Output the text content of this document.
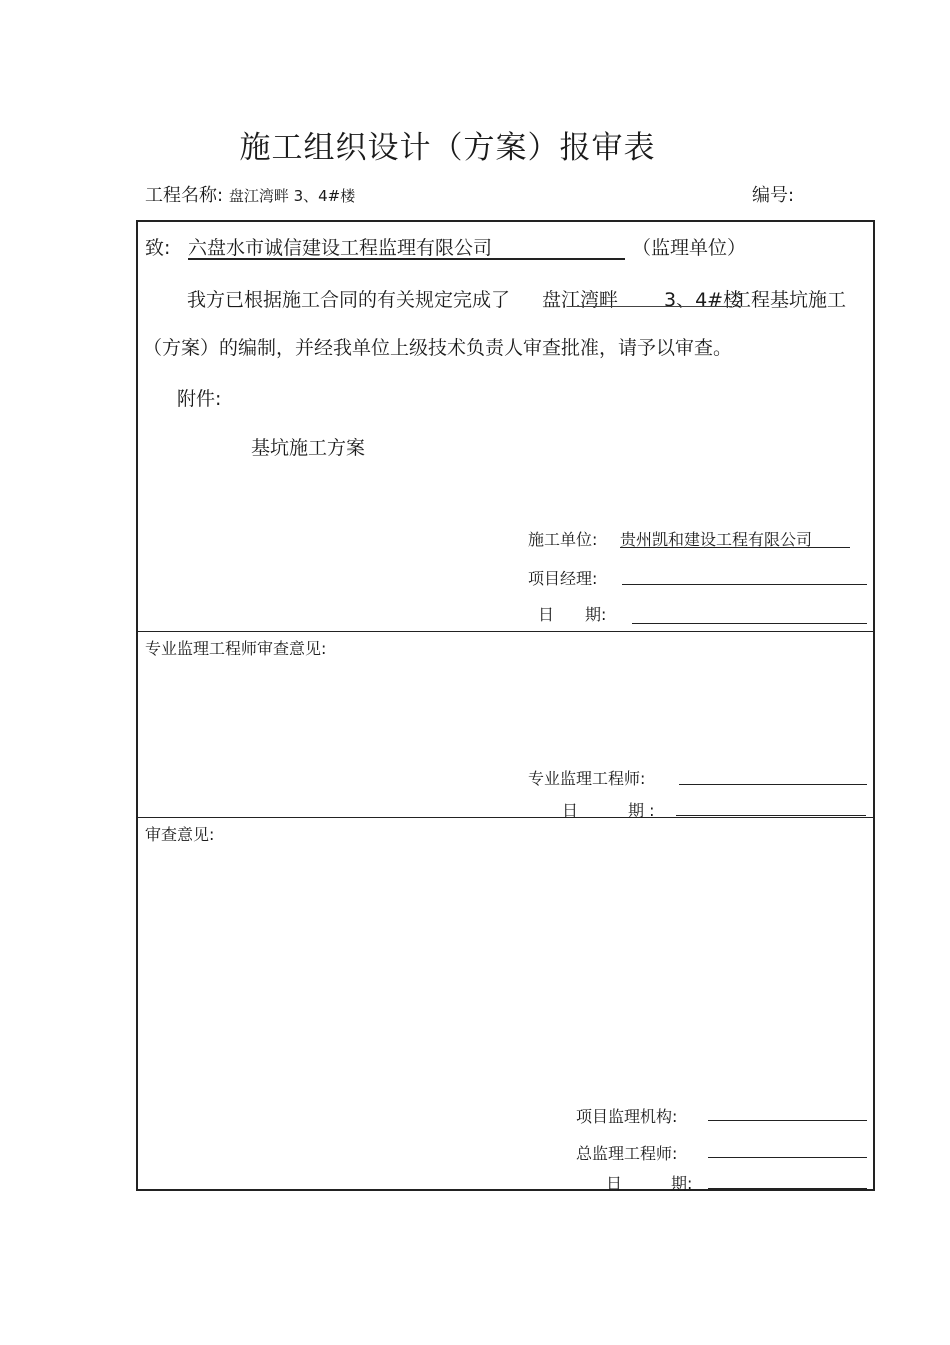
施工组织设计（方案）报审表
工程名称: 盘江湾畔 3、4#楼	编号:
致: 六盘水市诚信建设工程监理有限公司	（监理单位）
我方已根据施工合同的有关规定完成了 盘江湾畔 3、4#楼
工程基坑施工
（方案）的编制，并经我单位上级技术负责人审查批准，请予以审查。
附件:
基坑施工方案
施工单位: 贵州凯和建设工程有限公司
项目经理:
日 期:
专业监理工程师审查意见:
专业监理工程师:
日	期 :
审查意见:
项目监理机构:
总监理工程师:
日	期:
